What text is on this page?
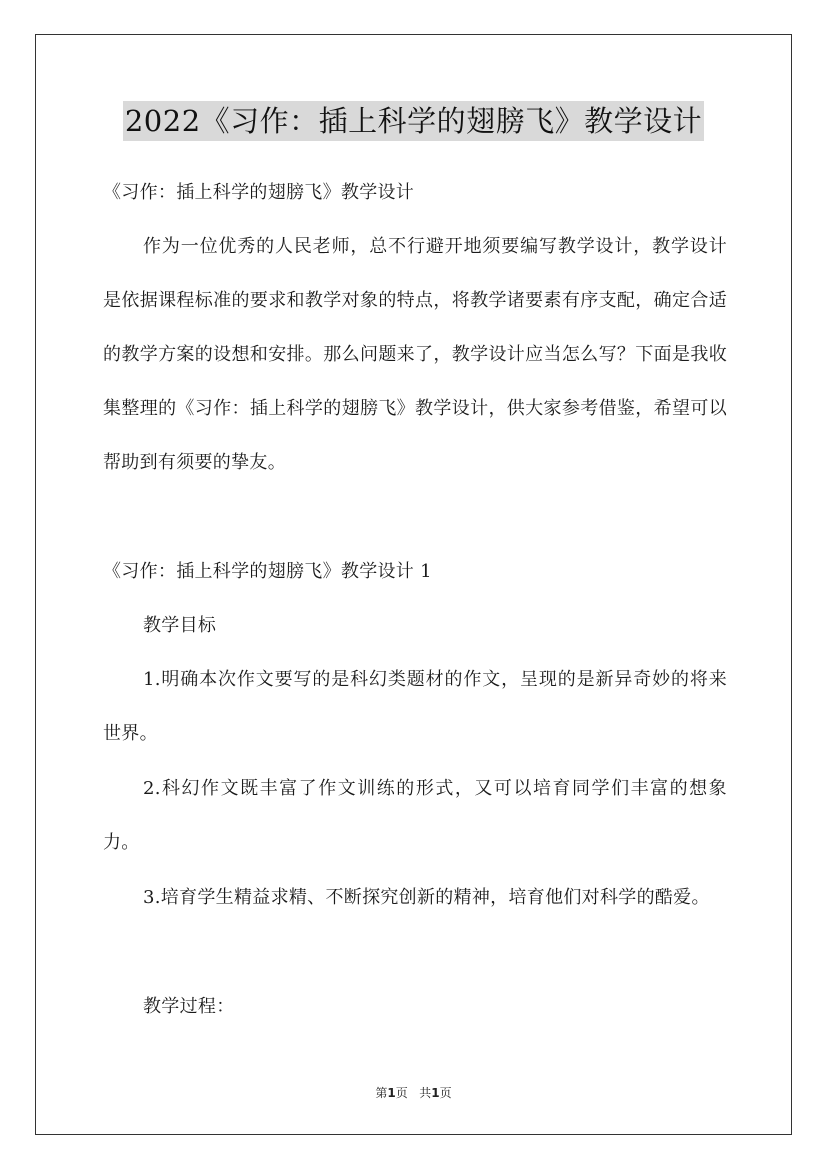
2022《习作：插上科学的翅膀飞》教学设计

《习作：插上科学的翅膀飞》教学设计

作为一位优秀的人民老师，总不行避开地须要编写教学设计，教学设计是依据课程标准的要求和教学对象的特点，将教学诸要素有序支配，确定合适的教学方案的设想和安排。那么问题来了，教学设计应当怎么写？下面是我收集整理的《习作：插上科学的翅膀飞》教学设计，供大家参考借鉴，希望可以帮助到有须要的挚友。

《习作：插上科学的翅膀飞》教学设计 1

教学目标

1.明确本次作文要写的是科幻类题材的作文，呈现的是新异奇妙的将来世界。

2.科幻作文既丰富了作文训练的形式，又可以培育同学们丰富的想象力。

3.培育学生精益求精、不断探究创新的精神，培育他们对科学的酷爱。

教学过程：

第1页 共1页
